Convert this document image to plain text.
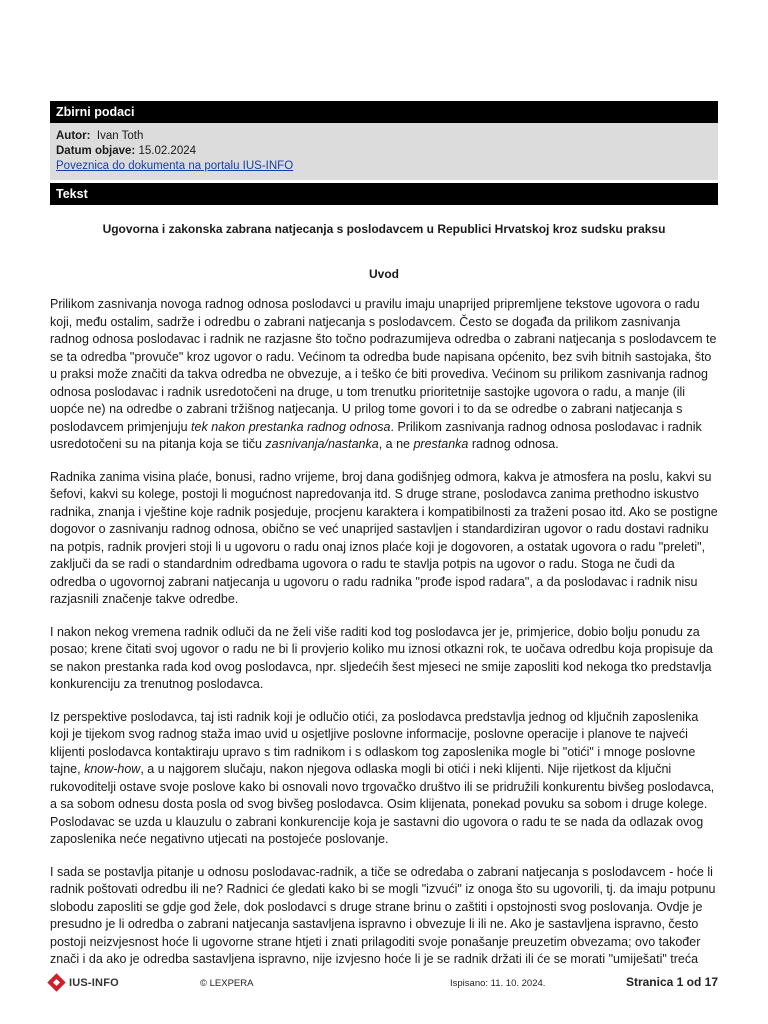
Zbirni podaci
Autor: Ivan Toth
Datum objave: 15.02.2024
Poveznica do dokumenta na portalu IUS-INFO
Tekst
Ugovorna i zakonska zabrana natjecanja s poslodavcem u Republici Hrvatskoj kroz sudsku praksu
Uvod

Prilikom zasnivanja novoga radnog odnosa poslodavci u pravilu imaju unaprijed pripremljene tekstove ugovora o radu koji, među ostalim, sadrže i odredbu o zabrani natjecanja s poslodavcem. Često se događa da prilikom zasnivanja radnog odnosa poslodavac i radnik ne razjasne što točno podrazumijeva odredba o zabrani natjecanja s poslodavcem te se ta odredba "provuče" kroz ugovor o radu. Većinom ta odredba bude napisana općenito, bez svih bitnih sastojaka, što u praksi može značiti da takva odredba ne obvezuje, a i teško će biti provediva. Većinom su prilikom zasnivanja radnog odnosa poslodavac i radnik usredotočeni na druge, u tom trenutku prioritetnije sastojke ugovora o radu, a manje (ili uopće ne) na odredbe o zabrani tržišnog natjecanja. U prilog tome govori i to da se odredbe o zabrani natjecanja s poslodavcem primjenjuju tek nakon prestanka radnog odnosa. Prilikom zasnivanja radnog odnosa poslodavac i radnik usredotočeni su na pitanja koja se tiču zasnivanja/nastanka, a ne prestanka radnog odnosa.

Radnika zanima visina plaće, bonusi, radno vrijeme, broj dana godišnjeg odmora, kakva je atmosfera na poslu, kakvi su šefovi, kakvi su kolege, postoji li mogućnost napredovanja itd. S druge strane, poslodavca zanima prethodno iskustvo radnika, znanja i vještine koje radnik posjeduje, procjenu karaktera i kompatibilnosti za traženi posao itd. Ako se postigne dogovor o zasnivanju radnog odnosa, obično se već unaprijed sastavljen i standardiziran ugovor o radu dostavi radniku na potpis, radnik provjeri stoji li u ugovoru o radu onaj iznos plaće koji je dogovoren, a ostatak ugovora o radu "preleti", zaključi da se radi o standardnim odredbama ugovora o radu te stavlja potpis na ugovor o radu. Stoga ne čudi da odredba o ugovornoj zabrani natjecanja u ugovoru o radu radnika "prođe ispod radara", a da poslodavac i radnik nisu razjasnili značenje takve odredbe.

I nakon nekog vremena radnik odluči da ne želi više raditi kod tog poslodavca jer je, primjerice, dobio bolju ponudu za posao; krene čitati svoj ugovor o radu ne bi li provjerio koliko mu iznosi otkazni rok, te uočava odredbu koja propisuje da se nakon prestanka rada kod ovog poslodavca, npr. sljedećih šest mjeseci ne smije zaposliti kod nekoga tko predstavlja konkurenciju za trenutnog poslodavca.

Iz perspektive poslodavca, taj isti radnik koji je odlučio otići, za poslodavca predstavlja jednog od ključnih zaposlenika koji je tijekom svog radnog staža imao uvid u osjetljive poslovne informacije, poslovne operacije i planove te najveći klijenti poslodavca kontaktiraju upravo s tim radnikom i s odlaskom tog zaposlenika mogle bi "otići" i mnoge poslovne tajne, know-how, a u najgorem slučaju, nakon njegova odlaska mogli bi otići i neki klijenti. Nije rijetkost da ključni rukovoditelji ostave svoje poslove kako bi osnovali novo trgovačko društvo ili se pridružili konkurentu bivšeg poslodavca, a sa sobom odnesu dosta posla od svog bivšeg poslodavca. Osim klijenata, ponekad povuku sa sobom i druge kolege. Poslodavac se uzda u klauzulu o zabrani konkurencije koja je sastavni dio ugovora o radu te se nada da odlazak ovog zaposlenika neće negativno utjecati na postojeće poslovanje.

I sada se postavlja pitanje u odnosu poslodavac-radnik, a tiče se odredaba o zabrani natjecanja s poslodavcem - hoće li radnik poštovati odredbu ili ne? Radnici će gledati kako bi se mogli "izvući" iz onoga što su ugovorili, tj. da imaju potpunu slobodu zaposliti se gdje god žele, dok poslodavci s druge strane brinu o zaštiti i opstojnosti svog poslovanja. Ovdje je presudno je li odredba o zabrani natjecanja sastavljena ispravno i obvezuje li ili ne. Ako je sastavljena ispravno, često postoji neizvjesnost hoće li ugovorne strane htjeti i znati prilagoditi svoje ponašanje preuzetim obvezama; ovo također znači i da ako je odredba sastavljena ispravno, nije izvjesno hoće li je se radnik držati ili će se morati "umiješati" treća

IUS-INFO	© LEXPERA	Ispisano: 11. 10. 2024.	Stranica 1 od 17
